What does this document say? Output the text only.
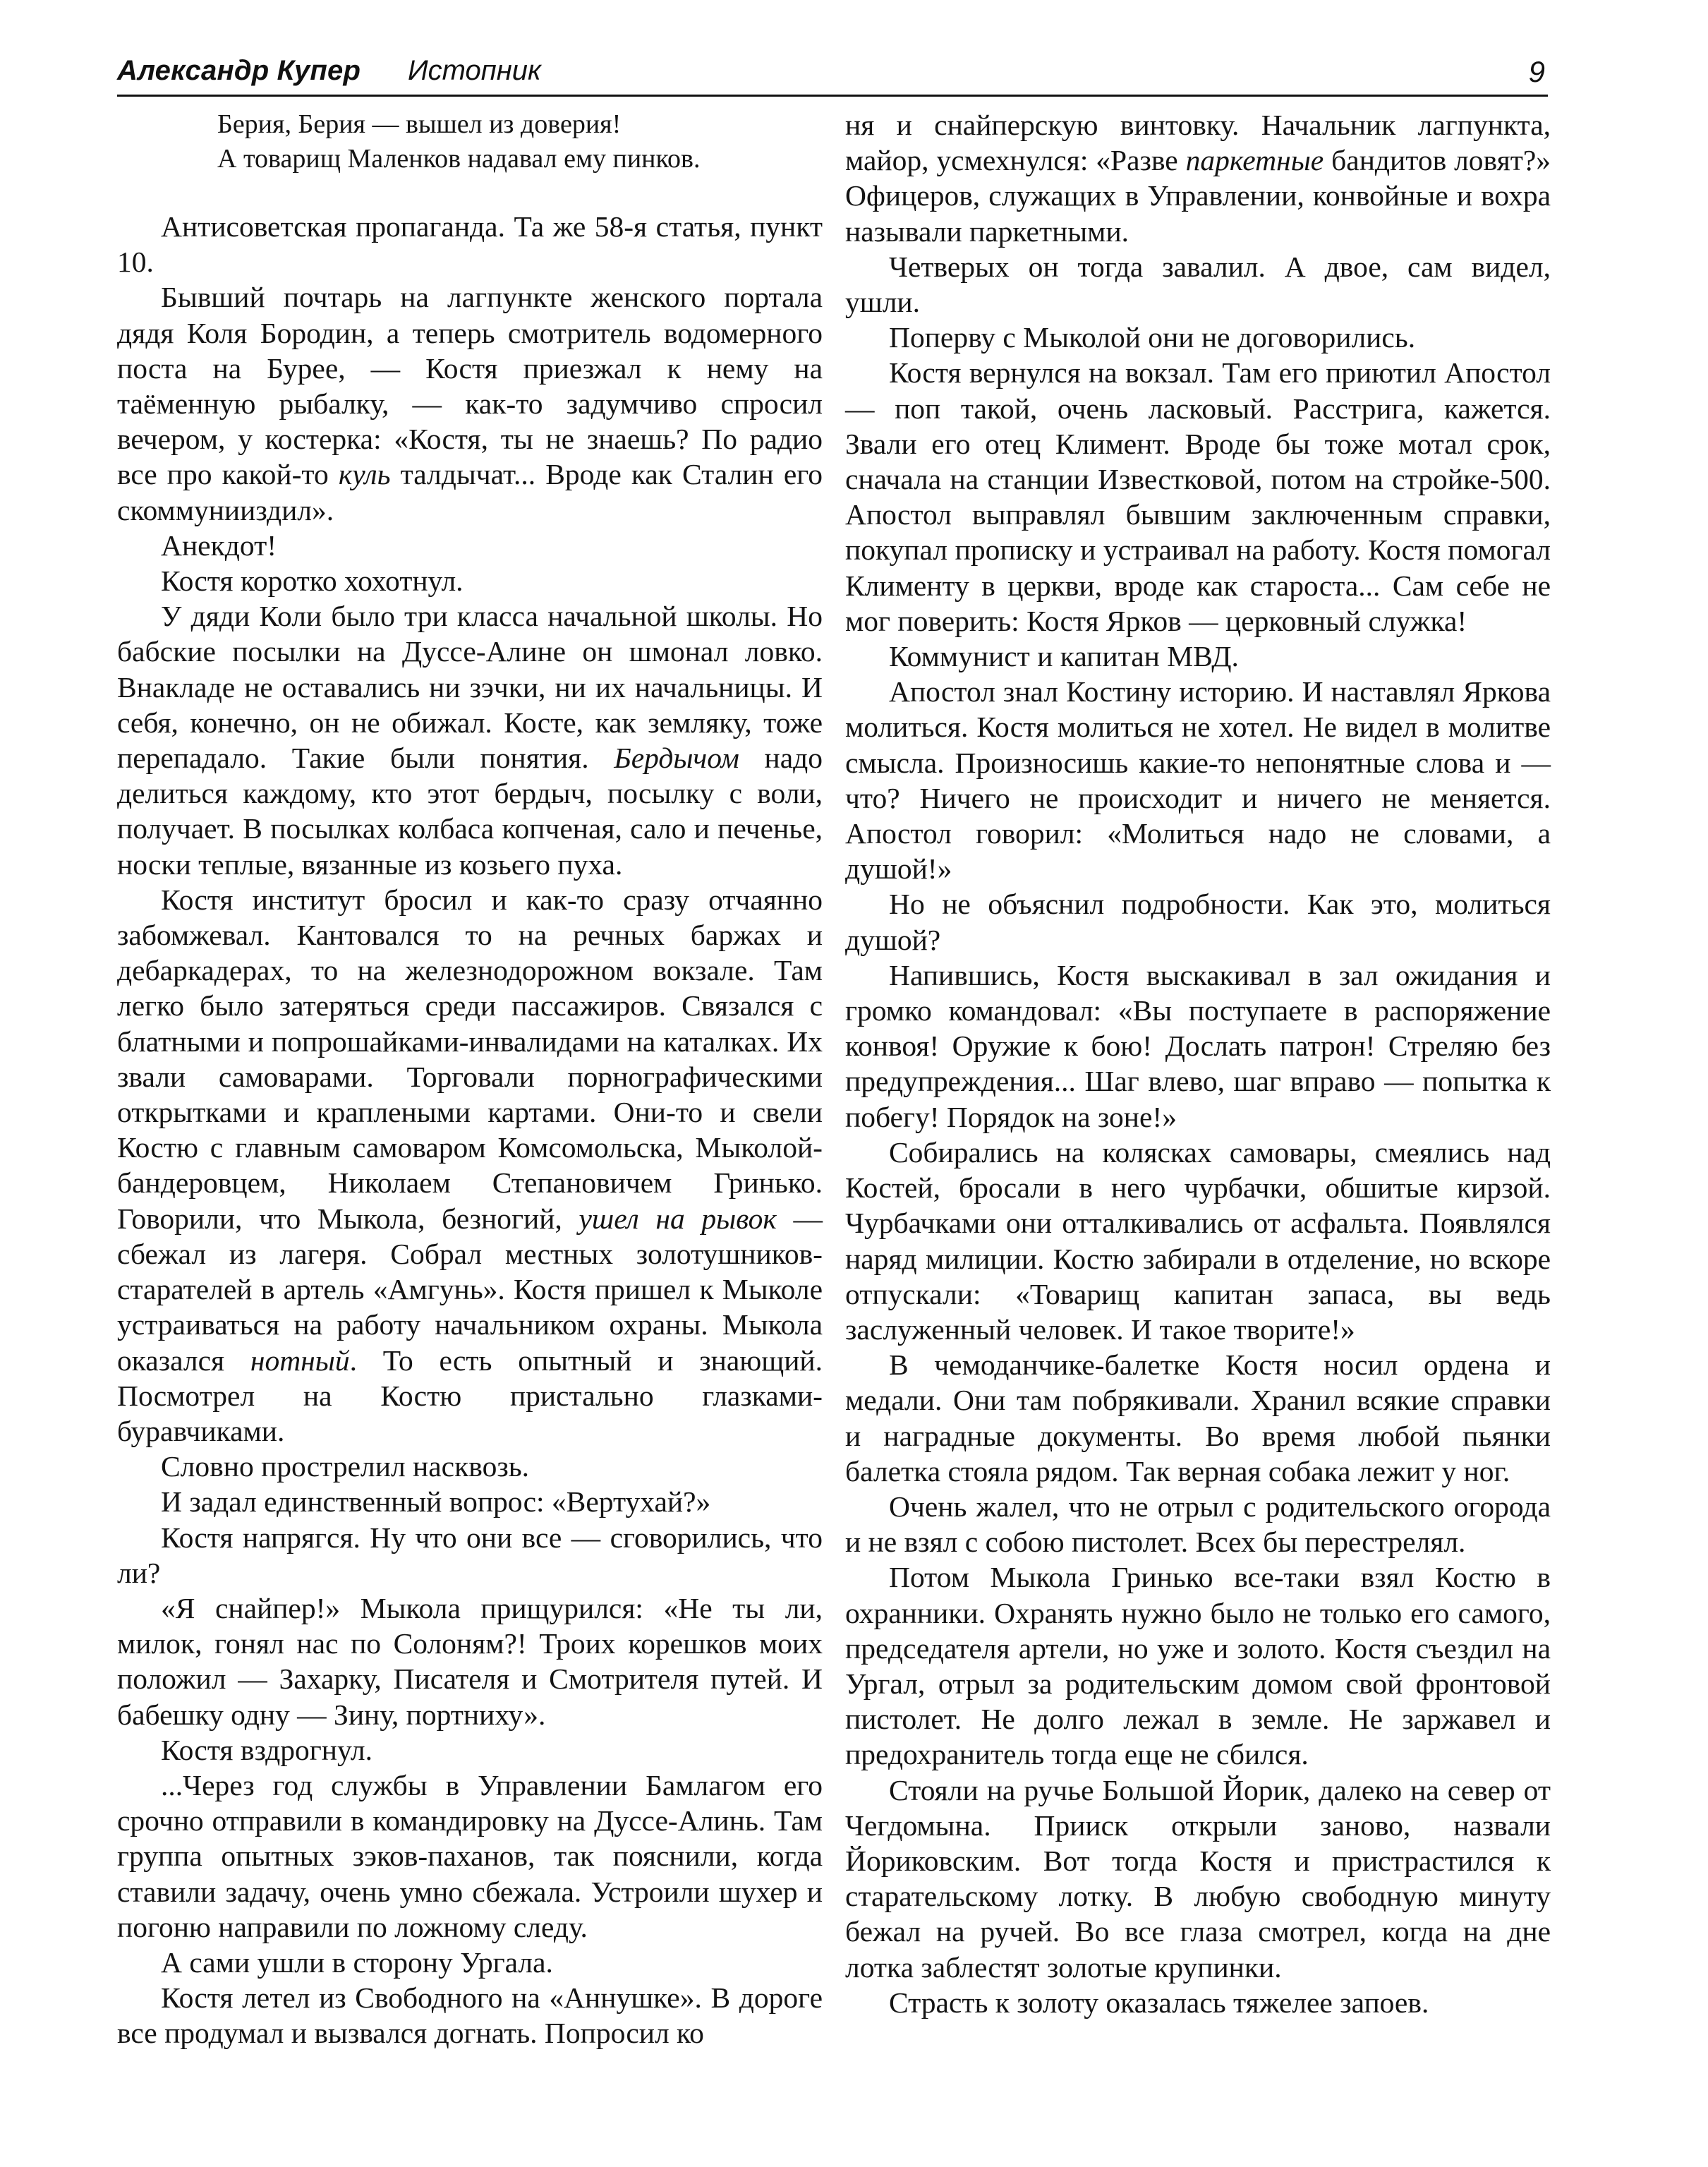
Александр Купер Истопник	9
Берия, Берия — вышел из доверия!
А товарищ Маленков надавал ему пинков.

Антисоветская пропаганда. Та же 58-я статья, пункт 10.

Бывший почтарь на лагпункте женского портала дядя Коля Бородин, а теперь смотритель водомерного поста на Бурее, — Костя приезжал к нему на таёменную рыбалку, — как-то задумчиво спросил вечером, у костерка: «Костя, ты не знаешь? По радио все про какой-то куль талдычат... Вроде как Сталин его скоммунииздил».

Анекдот!

Костя коротко хохотнул.

У дяди Коли было три класса начальной школы. Но бабские посылки на Дуссе-Алине он шмонал ловко. Внакладе не оставались ни зэчки, ни их начальницы. И себя, конечно, он не обижал. Косте, как земляку, тоже перепадало. Такие были понятия. Бердычом надо делиться каждому, кто этот бердыч, посылку с воли, получает. В посылках колбаса копченая, сало и печенье, носки теплые, вязанные из козьего пуха.

Костя институт бросил и как-то сразу отчаянно забомжевал. Кантовался то на речных баржах и дебаркадерах, то на железнодорожном вокзале. Там легко было затеряться среди пассажиров. Связался с блатными и попрошайками-инвалидами на каталках. Их звали самоварами. Торговали порнографическими открытками и краплеными картами. Они-то и свели Костю с главным самоваром Комсомольска, Мыколой-бандеровцем, Николаем Степановичем Гринько. Говорили, что Мыкола, безногий, ушел на рывок — сбежал из лагеря. Собрал местных золотушников-старателей в артель «Амгунь». Костя пришел к Мыколе устраиваться на работу начальником охраны. Мыкола оказался нотный. То есть опытный и знающий. Посмотрел на Костю пристально глазками-буравчиками.

Словно прострелил насквозь.

И задал единственный вопрос: «Вертухай?»

Костя напрягся. Ну что они все — сговорились, что ли?

«Я снайпер!» Мыкола прищурился: «Не ты ли, милок, гонял нас по Солоням?! Троих корешков моих положил — Захарку, Писателя и Смотрителя путей. И бабешку одну — Зину, портниху».

Костя вздрогнул.

...Через год службы в Управлении Бамлагом его срочно отправили в командировку на Дуссе-Алинь. Там группа опытных зэков-паханов, так пояснили, когда ставили задачу, очень умно сбежала. Устроили шухер и погоню направили по ложному следу.

А сами ушли в сторону Ургала.

Костя летел из Свободного на «Аннушке». В дороге все продумал и вызвался догнать. Попросил ко

ня и снайперскую винтовку. Начальник лагпункта, майор, усмехнулся: «Разве паркетные бандитов ловят?» Офицеров, служащих в Управлении, конвойные и вохра называли паркетными.

Четверых он тогда завалил. А двое, сам видел, ушли.

Поперву с Мыколой они не договорились.

Костя вернулся на вокзал. Там его приютил Апостол — поп такой, очень ласковый. Расстрига, кажется. Звали его отец Климент. Вроде бы тоже мотал срок, сначала на станции Известковой, потом на стройке-500. Апостол выправлял бывшим заключенным справки, покупал прописку и устраивал на работу. Костя помогал Клименту в церкви, вроде как староста... Сам себе не мог поверить: Костя Ярков — церковный служка!

Коммунист и капитан МВД.

Апостол знал Костину историю. И наставлял Яркова молиться. Костя молиться не хотел. Не видел в молитве смысла. Произносишь какие-то непонятные слова и — что? Ничего не происходит и ничего не меняется. Апостол говорил: «Молиться надо не словами, а душой!»

Но не объяснил подробности. Как это, молиться душой?

Напившись, Костя выскакивал в зал ожидания и громко командовал: «Вы поступаете в распоряжение конвоя! Оружие к бою! Дослать патрон! Стреляю без предупреждения... Шаг влево, шаг вправо — попытка к побегу! Порядок на зоне!»

Собирались на колясках самовары, смеялись над Костей, бросали в него чурбачки, обшитые кирзой. Чурбачками они отталкивались от асфальта. Появлялся наряд милиции. Костю забирали в отделение, но вскоре отпускали: «Товарищ капитан запаса, вы ведь заслуженный человек. И такое творите!»

В чемоданчике-балетке Костя носил ордена и медали. Они там побрякивали. Хранил всякие справки и наградные документы. Во время любой пьянки балетка стояла рядом. Так верная собака лежит у ног.

Очень жалел, что не отрыл с родительского огорода и не взял с собою пистолет. Всех бы перестрелял.

Потом Мыкола Гринько все-таки взял Костю в охранники. Охранять нужно было не только его самого, председателя артели, но уже и золото. Костя съездил на Ургал, отрыл за родительским домом свой фронтовой пистолет. Не долго лежал в земле. Не заржавел и предохранитель тогда еще не сбился.

Стояли на ручье Большой Йорик, далеко на север от Чегдомына. Прииск открыли заново, назвали Йориковским. Вот тогда Костя и пристрастился к старательскому лотку. В любую свободную минуту бежал на ручей. Во все глаза смотрел, когда на дне лотка заблестят золотые крупинки.

Страсть к золоту оказалась тяжелее запоев.
